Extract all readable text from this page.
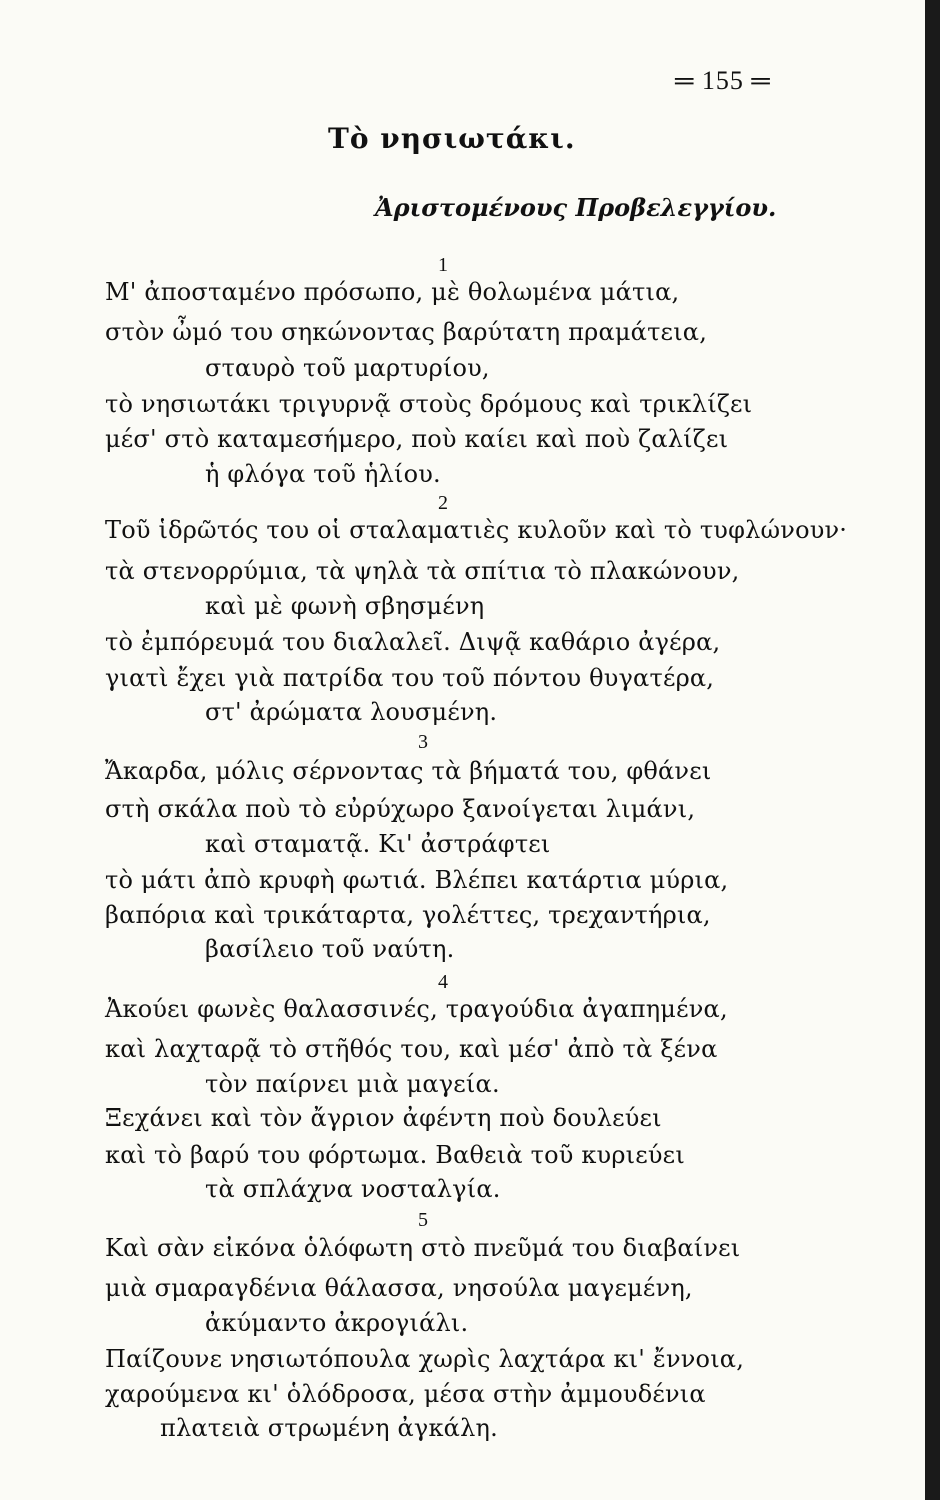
═ 155 ═
Τὸ νησιωτάκι.
Ἀριστομένους Προβελεγγίου.
1
Μ' ἀποσταμένο πρόσωπο, μὲ θολωμένα μάτια,
στὸν ὦμό του σηκώνοντας βαρύτατη πραμάτεια,
σταυρὸ τοῦ μαρτυρίου,
τὸ νησιωτάκι τριγυρνᾷ στοὺς δρόμους καὶ τρικλίζει
μέσ' στὸ καταμεσήμερο, ποὺ καίει καὶ ποὺ ζαλίζει
ἡ φλόγα τοῦ ἡλίου.
2
Τοῦ ἱδρῶτός του οἱ σταλαματιὲς κυλοῦν καὶ τὸ τυφλώνουν·
τὰ στενορρύμια, τὰ ψηλὰ τὰ σπίτια τὸ πλακώνουν,
καὶ μὲ φωνὴ σβησμένη
τὸ ἐμπόρευμά του διαλαλεῖ. Διψᾷ καθάριο ἀγέρα,
γιατὶ ἔχει γιὰ πατρίδα του τοῦ πόντου θυγατέρα,
στ' ἀρώματα λουσμένη.
3
Ἄκαρδα, μόλις σέρνοντας τὰ βήματά του, φθάνει
στὴ σκάλα ποὺ τὸ εὐρύχωρο ξανοίγεται λιμάνι,
καὶ σταματᾷ. Κι' ἀστράφτει
τὸ μάτι ἀπὸ κρυφὴ φωτιά. Βλέπει κατάρτια μύρια,
βαπόρια καὶ τρικάταρτα, γολέττες, τρεχαντήρια,
βασίλειο τοῦ ναύτη.
4
Ἀκούει φωνὲς θαλασσινές, τραγούδια ἀγαπημένα,
καὶ λαχταρᾷ τὸ στῆθός του, καὶ μέσ' ἀπὸ τὰ ξένα
τὸν παίρνει μιὰ μαγεία.
Ξεχάνει καὶ τὸν ἄγριον ἀφέντη ποὺ δουλεύει
καὶ τὸ βαρύ του φόρτωμα. Βαθειὰ τοῦ κυριεύει
τὰ σπλάχνα νοσταλγία.
5
Καὶ σὰν εἰκόνα ὁλόφωτη στὸ πνεῦμά του διαβαίνει
μιὰ σμαραγδένια θάλασσα, νησούλα μαγεμένη,
ἀκύμαντο ἀκρογιάλι.
Παίζουνε νησιωτόπουλα χωρὶς λαχτάρα κι' ἔννοια,
χαρούμενα κι' ὁλόδροσα, μέσα στὴν ἀμμουδένια
πλατειὰ στρωμένη ἀγκάλη.
